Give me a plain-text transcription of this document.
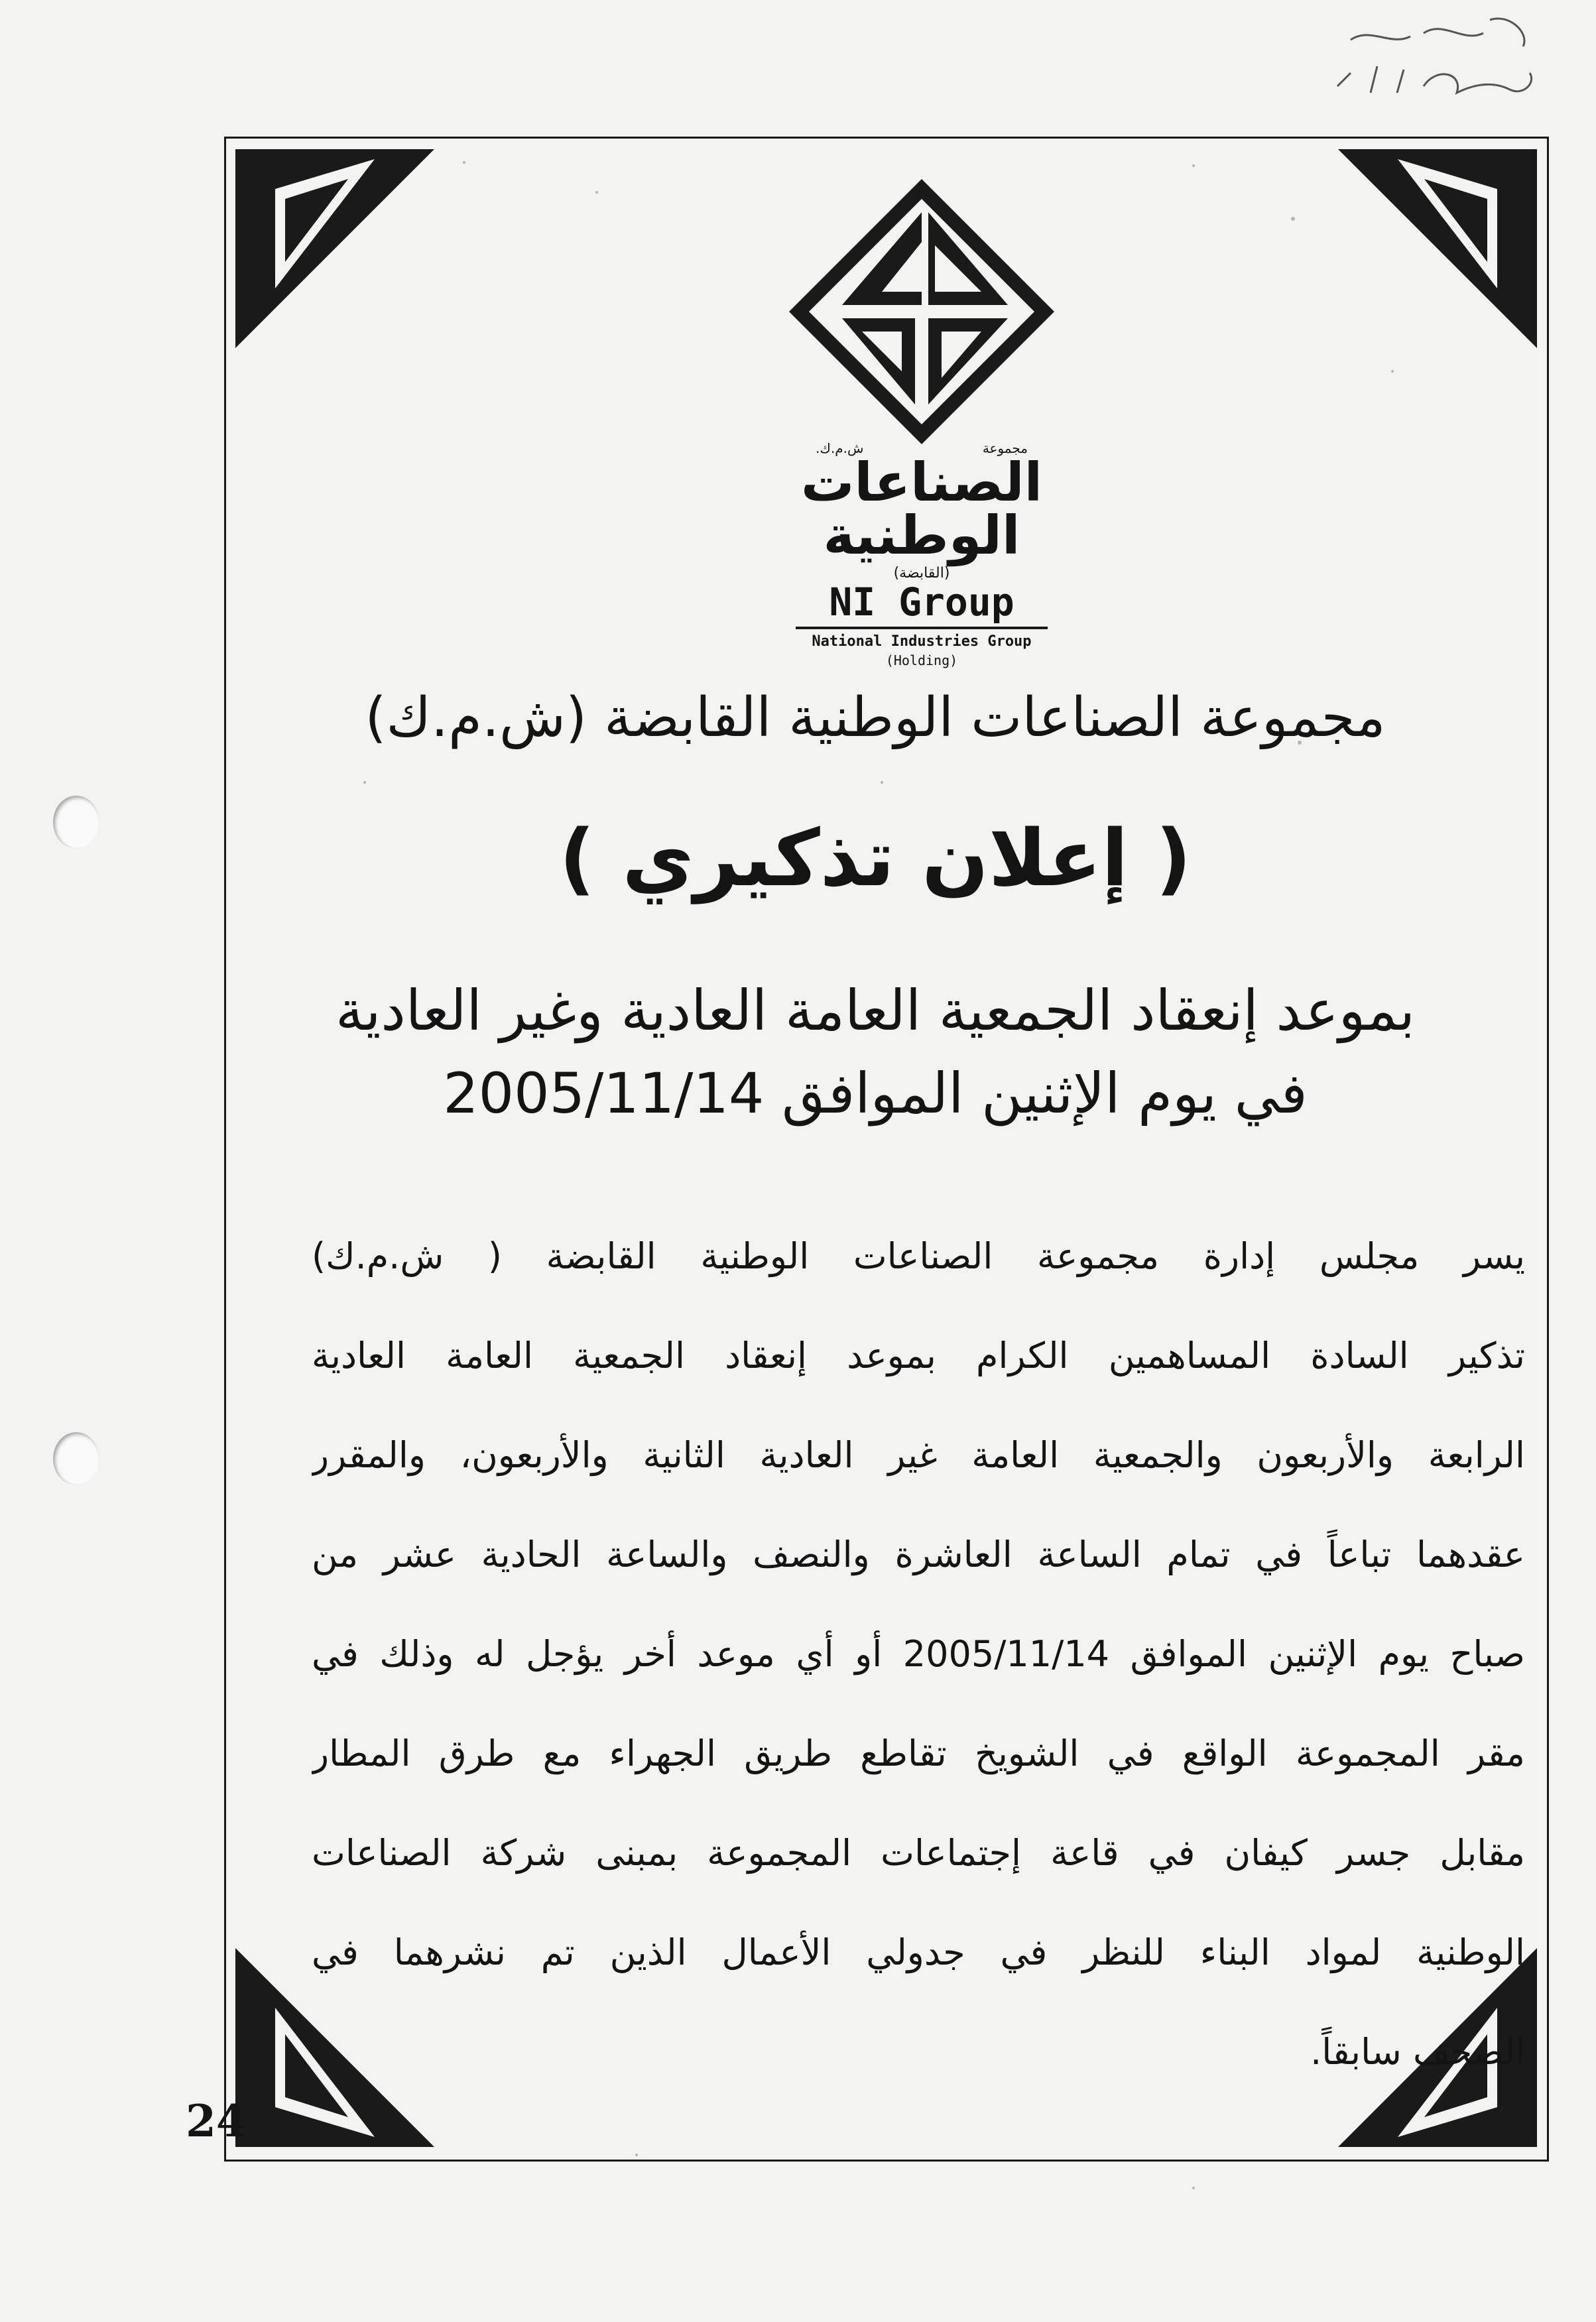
مجموعة
ش.م.ك.
الصناعات الوطنية
(القابضة)
NI Group
National Industries Group
(Holding)
مجموعة الصناعات الوطنية القابضة (ش.م.ك)
( إعلان تذكيري )
بموعد إنعقاد الجمعية العامة العادية وغير العادية
في يوم الإثنين الموافق 2005/11/14
يسر مجلس إدارة مجموعة الصناعات الوطنية القابضة ( ش.م.ك)
تذكير السادة المساهمين الكرام بموعد إنعقاد الجمعية العامة العادية
الرابعة والأربعون والجمعية العامة غير العادية الثانية والأربعون، والمقرر
عقدهما تباعاً في تمام الساعة العاشرة والنصف والساعة الحادية عشر من
صباح يوم الإثنين الموافق 2005/11/14 أو أي موعد أخر يؤجل له وذلك في
مقر المجموعة الواقع في الشويخ تقاطع طريق الجهراء مع طرق المطار
مقابل جسر كيفان في قاعة إجتماعات المجموعة بمبنى شركة الصناعات
الوطنية لمواد البناء للنظر في جدولي الأعمال الذين تم نشرهما في
الصحف سابقاً.
24
